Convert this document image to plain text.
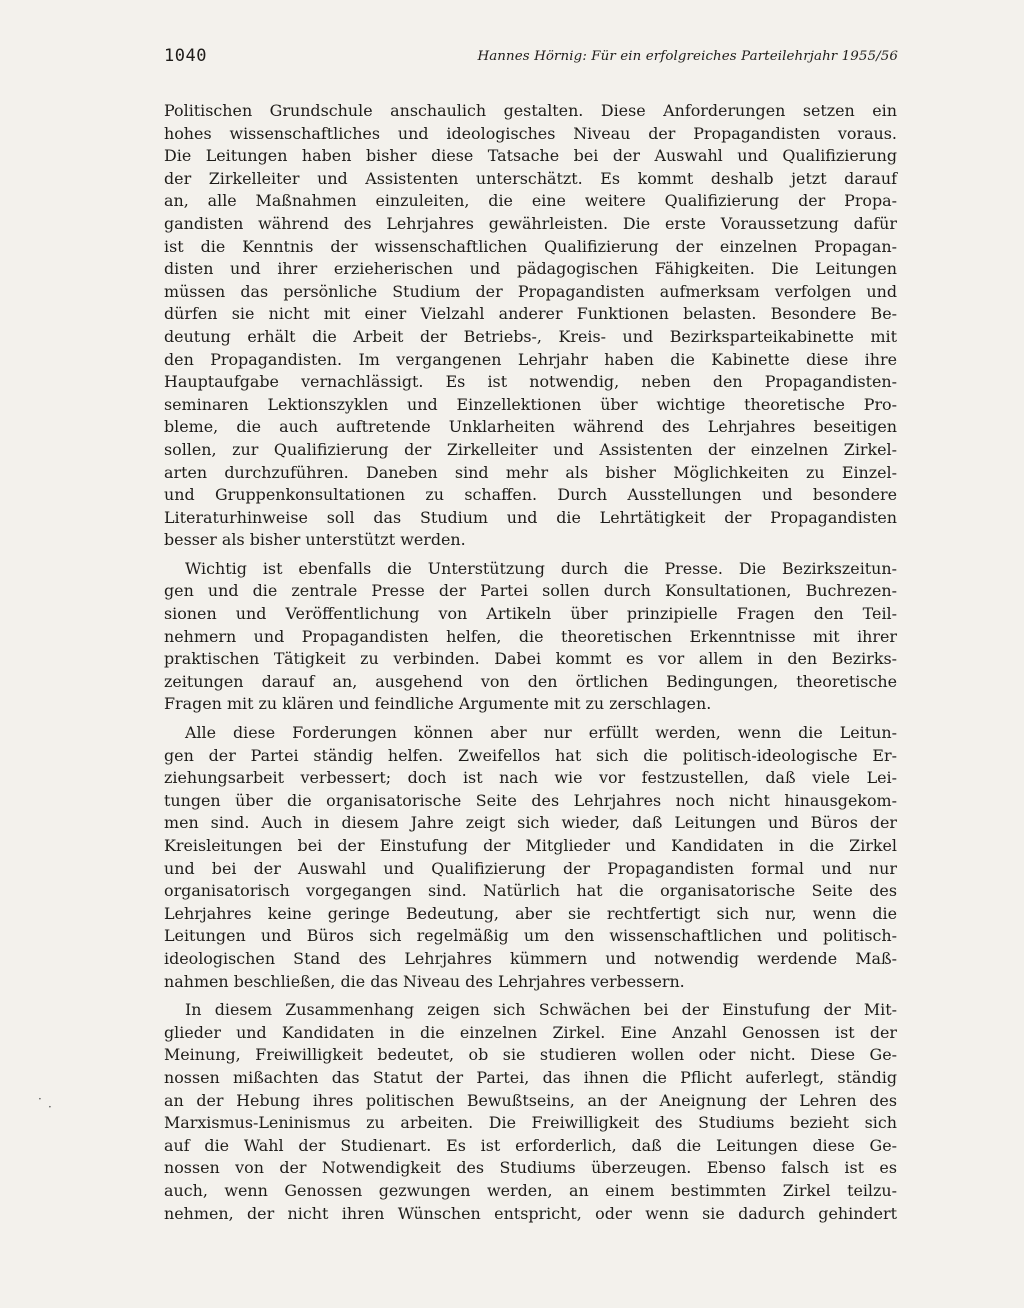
1040	Hannes Hörnig: Für ein erfolgreiches Parteilehrjahr 1955/56
Politischen Grundschule anschaulich gestalten. Diese Anforderungen setzen ein
hohes wissenschaftliches und ideologisches Niveau der Propagandisten voraus.
Die Leitungen haben bisher diese Tatsache bei der Auswahl und Qualifizierung
der Zirkelleiter und Assistenten unterschätzt. Es kommt deshalb jetzt darauf
an, alle Maßnahmen einzuleiten, die eine weitere Qualifizierung der Propa-
gandisten während des Lehrjahres gewährleisten. Die erste Voraussetzung dafür
ist die Kenntnis der wissenschaftlichen Qualifizierung der einzelnen Propagan-
disten und ihrer erzieherischen und pädagogischen Fähigkeiten. Die Leitungen
müssen das persönliche Studium der Propagandisten aufmerksam verfolgen und
dürfen sie nicht mit einer Vielzahl anderer Funktionen belasten. Besondere Be-
deutung erhält die Arbeit der Betriebs-, Kreis- und Bezirksparteikabinette mit
den Propagandisten. Im vergangenen Lehrjahr haben die Kabinette diese ihre
Hauptaufgabe vernachlässigt. Es ist notwendig, neben den Propagandisten-
seminaren Lektionszyklen und Einzellektionen über wichtige theoretische Pro-
bleme, die auch auftretende Unklarheiten während des Lehrjahres beseitigen
sollen, zur Qualifizierung der Zirkelleiter und Assistenten der einzelnen Zirkel-
arten durchzuführen. Daneben sind mehr als bisher Möglichkeiten zu Einzel-
und Gruppenkonsultationen zu schaffen. Durch Ausstellungen und besondere
Literaturhinweise soll das Studium und die Lehrtätigkeit der Propagandisten
besser als bisher unterstützt werden.
Wichtig ist ebenfalls die Unterstützung durch die Presse. Die Bezirkszeitun-
gen und die zentrale Presse der Partei sollen durch Konsultationen, Buchrezen-
sionen und Veröffentlichung von Artikeln über prinzipielle Fragen den Teil-
nehmern und Propagandisten helfen, die theoretischen Erkenntnisse mit ihrer
praktischen Tätigkeit zu verbinden. Dabei kommt es vor allem in den Bezirks-
zeitungen darauf an, ausgehend von den örtlichen Bedingungen, theoretische
Fragen mit zu klären und feindliche Argumente mit zu zerschlagen.
Alle diese Forderungen können aber nur erfüllt werden, wenn die Leitun-
gen der Partei ständig helfen. Zweifellos hat sich die politisch-ideologische Er-
ziehungsarbeit verbessert; doch ist nach wie vor festzustellen, daß viele Lei-
tungen über die organisatorische Seite des Lehrjahres noch nicht hinausgekom-
men sind. Auch in diesem Jahre zeigt sich wieder, daß Leitungen und Büros der
Kreisleitungen bei der Einstufung der Mitglieder und Kandidaten in die Zirkel
und bei der Auswahl und Qualifizierung der Propagandisten formal und nur
organisatorisch vorgegangen sind. Natürlich hat die organisatorische Seite des
Lehrjahres keine geringe Bedeutung, aber sie rechtfertigt sich nur, wenn die
Leitungen und Büros sich regelmäßig um den wissenschaftlichen und politisch-
ideologischen Stand des Lehrjahres kümmern und notwendig werdende Maß-
nahmen beschließen, die das Niveau des Lehrjahres verbessern.
In diesem Zusammenhang zeigen sich Schwächen bei der Einstufung der Mit-
glieder und Kandidaten in die einzelnen Zirkel. Eine Anzahl Genossen ist der
Meinung, Freiwilligkeit bedeutet, ob sie studieren wollen oder nicht. Diese Ge-
nossen mißachten das Statut der Partei, das ihnen die Pflicht auferlegt, ständig
an der Hebung ihres politischen Bewußtseins, an der Aneignung der Lehren des
Marxismus-Leninismus zu arbeiten. Die Freiwilligkeit des Studiums bezieht sich
auf die Wahl der Studienart. Es ist erforderlich, daß die Leitungen diese Ge-
nossen von der Notwendigkeit des Studiums überzeugen. Ebenso falsch ist es
auch, wenn Genossen gezwungen werden, an einem bestimmten Zirkel teilzu-
nehmen, der nicht ihren Wünschen entspricht, oder wenn sie dadurch gehindert
·
·
